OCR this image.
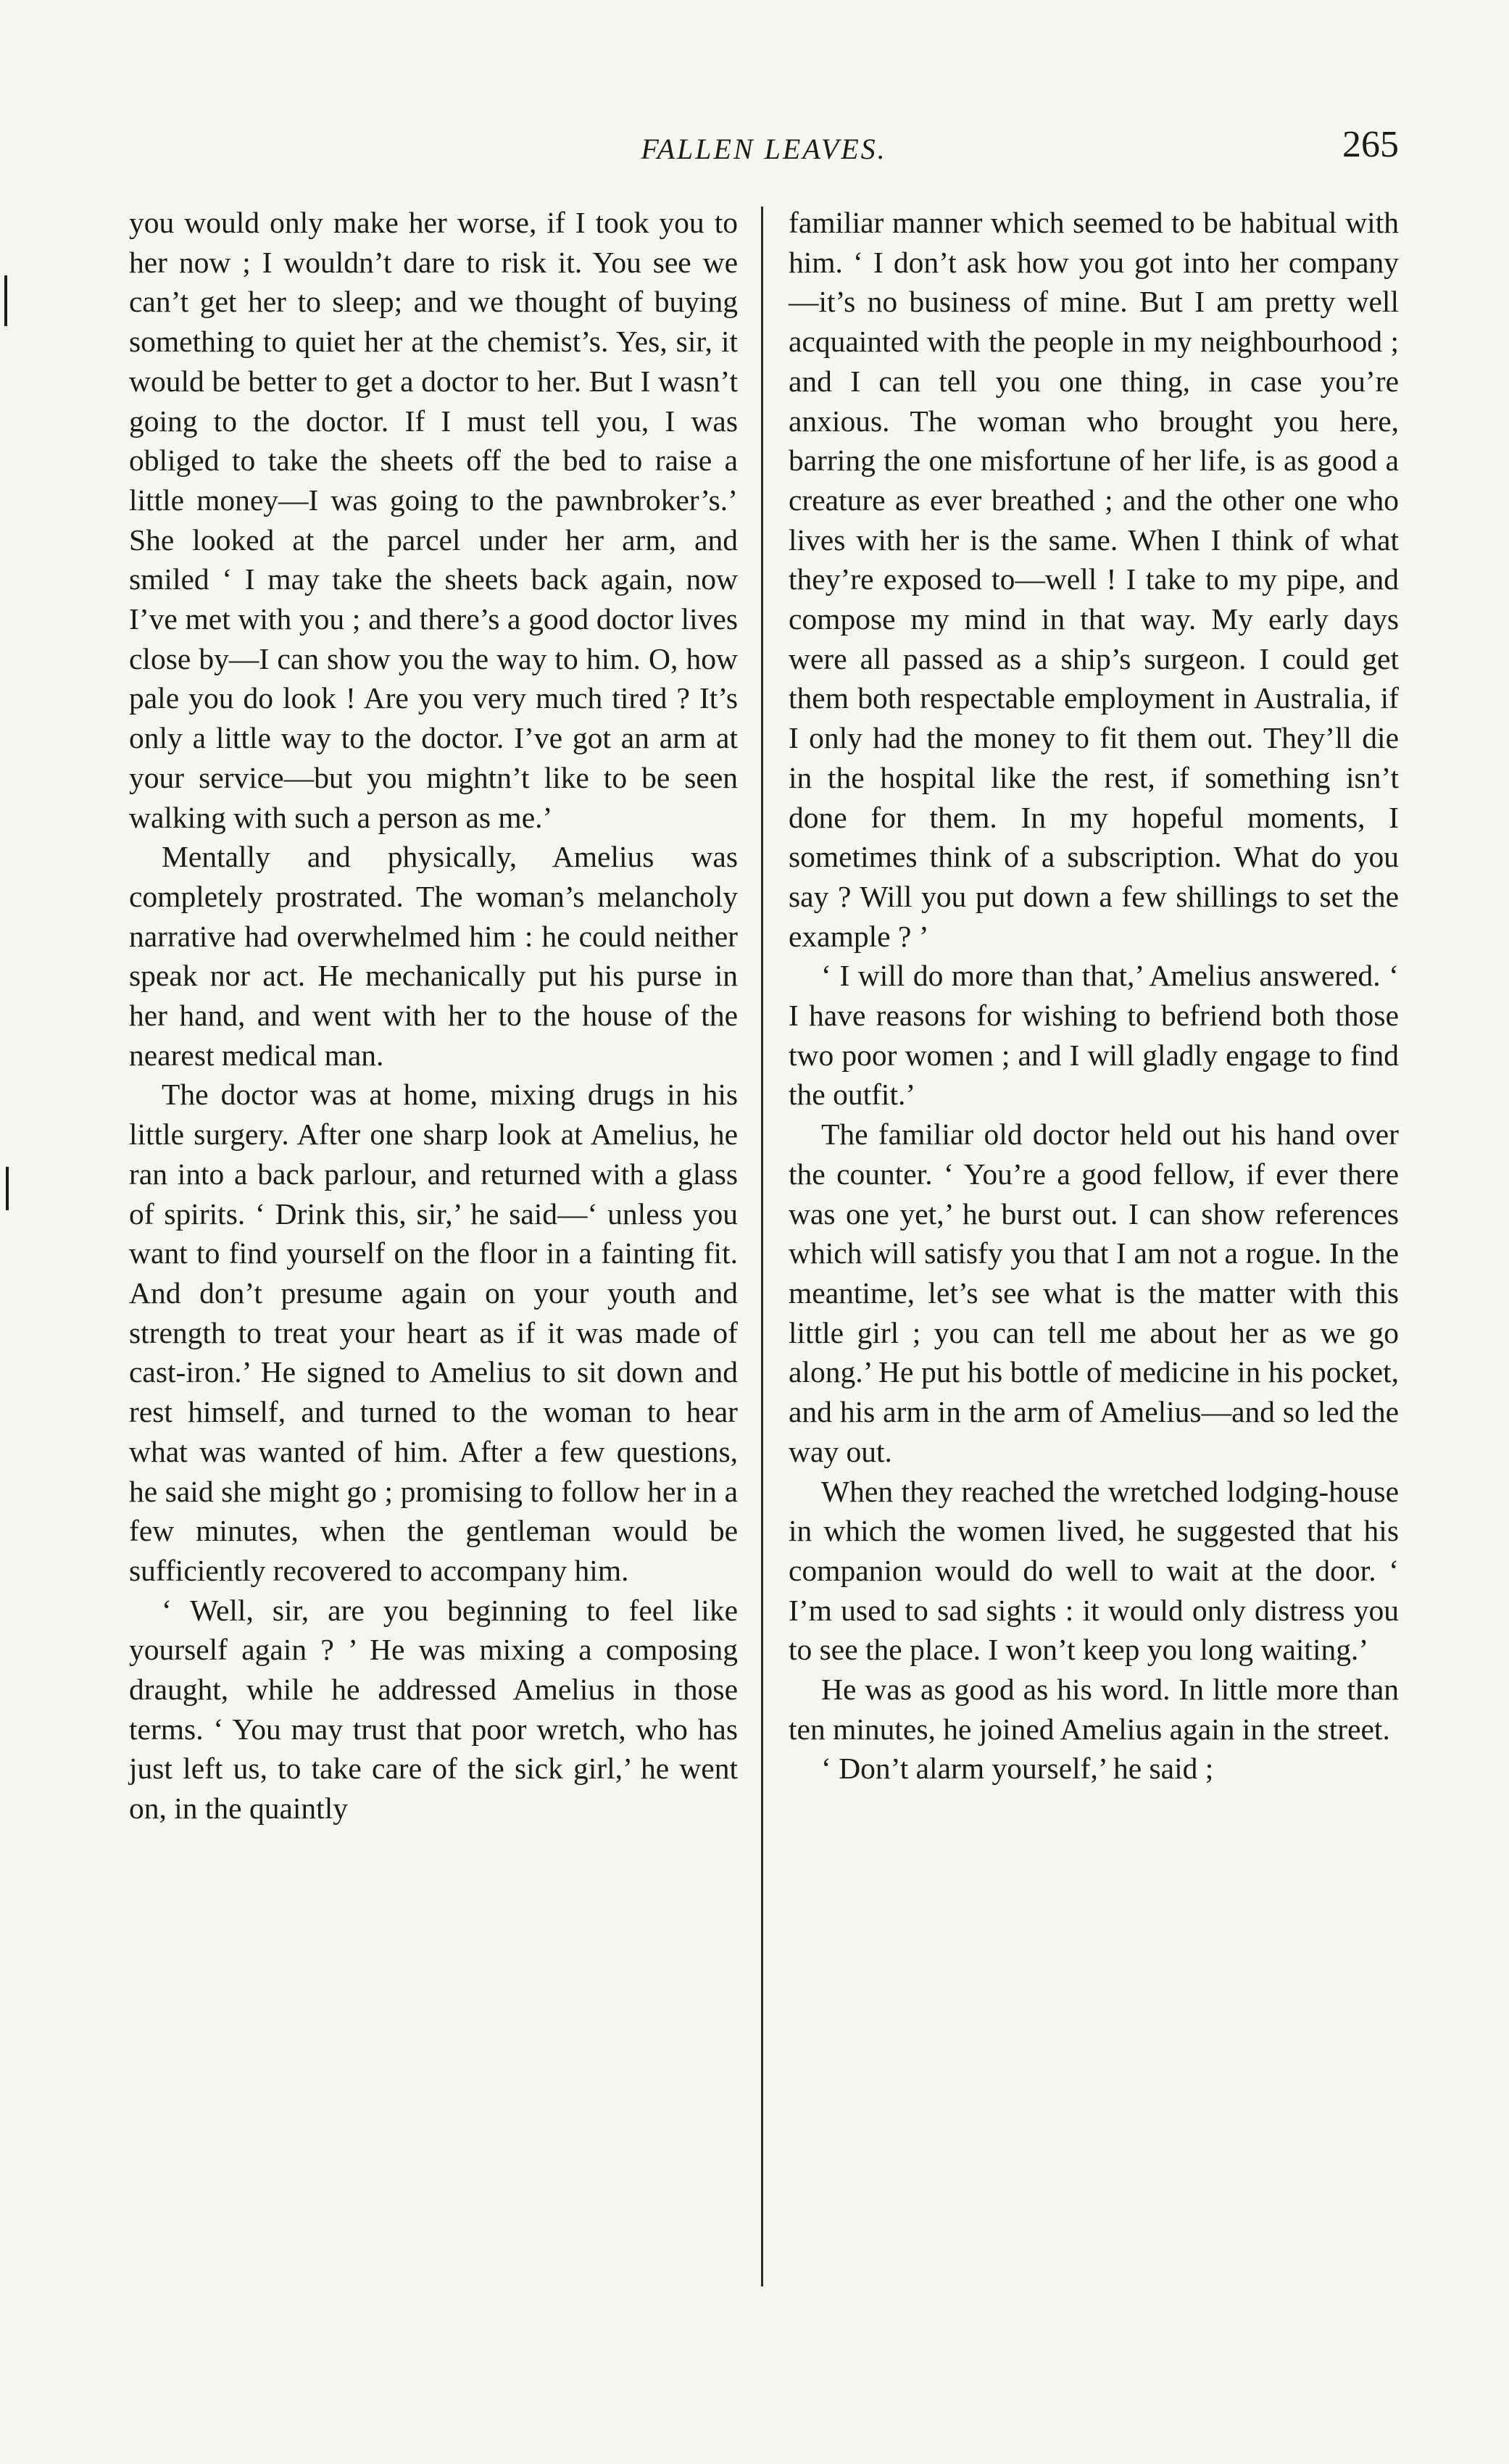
FALLEN LEAVES.	265

you would only make her worse, if I took you to her now ; I wouldn’t dare to risk it. You see we can’t get her to sleep; and we thought of buying something to quiet her at the chemist’s. Yes, sir, it would be better to get a doctor to her. But I wasn’t going to the doctor. If I must tell you, I was obliged to take the sheets off the bed to raise a little money—I was going to the pawnbroker’s.’ She looked at the parcel under her arm, and smiled ‘ I may take the sheets back again, now I’ve met with you ; and there’s a good doctor lives close by—I can show you the way to him. O, how pale you do look ! Are you very much tired ? It’s only a little way to the doctor. I’ve got an arm at your service—but you mightn’t like to be seen walking with such a person as me.’

Mentally and physically, Amelius was completely prostrated. The woman’s melancholy narrative had overwhelmed him : he could neither speak nor act. He mechanically put his purse in her hand, and went with her to the house of the nearest medical man.

The doctor was at home, mixing drugs in his little surgery. After one sharp look at Amelius, he ran into a back parlour, and returned with a glass of spirits. ‘ Drink this, sir,’ he said—‘ unless you want to find yourself on the floor in a fainting fit. And don’t presume again on your youth and strength to treat your heart as if it was made of cast-iron.’ He signed to Amelius to sit down and rest himself, and turned to the woman to hear what was wanted of him. After a few questions, he said she might go ; promising to follow her in a few minutes, when the gentleman would be sufficiently recovered to accompany him.

‘ Well, sir, are you beginning to feel like yourself again ? ’ He was mixing a composing draught, while he addressed Amelius in those terms. ‘ You may trust that poor wretch, who has just left us, to take care of the sick girl,’ he went on, in the quaintly

familiar manner which seemed to be habitual with him. ‘ I don’t ask how you got into her company—it’s no business of mine. But I am pretty well acquainted with the people in my neighbourhood ; and I can tell you one thing, in case you’re anxious. The woman who brought you here, barring the one misfortune of her life, is as good a creature as ever breathed ; and the other one who lives with her is the same. When I think of what they’re exposed to—well ! I take to my pipe, and compose my mind in that way. My early days were all passed as a ship’s surgeon. I could get them both respectable employment in Australia, if I only had the money to fit them out. They’ll die in the hospital like the rest, if something isn’t done for them. In my hopeful moments, I sometimes think of a subscription. What do you say ? Will you put down a few shillings to set the example ? ’

‘ I will do more than that,’ Amelius answered. ‘ I have reasons for wishing to befriend both those two poor women ; and I will gladly engage to find the outfit.’

The familiar old doctor held out his hand over the counter. ‘ You’re a good fellow, if ever there was one yet,’ he burst out. I can show references which will satisfy you that I am not a rogue. In the meantime, let’s see what is the matter with this little girl ; you can tell me about her as we go along.’ He put his bottle of medicine in his pocket, and his arm in the arm of Amelius—and so led the way out.

When they reached the wretched lodging-house in which the women lived, he suggested that his companion would do well to wait at the door. ‘ I’m used to sad sights : it would only distress you to see the place. I won’t keep you long waiting.’

He was as good as his word. In little more than ten minutes, he joined Amelius again in the street.

‘ Don’t alarm yourself,’ he said ;
